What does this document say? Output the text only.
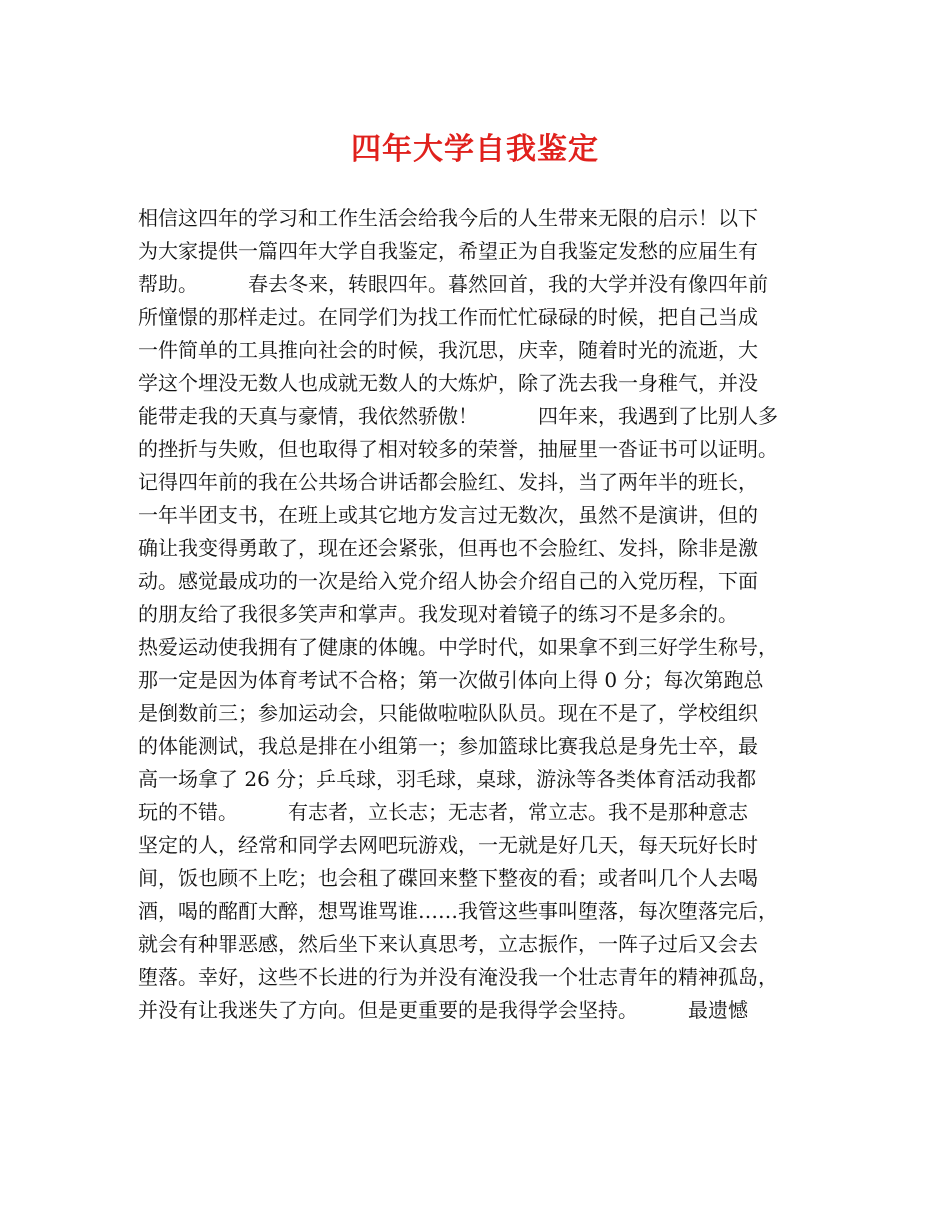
四年大学自我鉴定
相信这四年的学习和工作生活会给我今后的人生带来无限的启示！以下
为大家提供一篇四年大学自我鉴定，希望正为自我鉴定发愁的应届生有
帮助。　　　春去冬来，转眼四年。暮然回首，我的大学并没有像四年前
所憧憬的那样走过。在同学们为找工作而忙忙碌碌的时候，把自己当成
一件简单的工具推向社会的时候，我沉思，庆幸，随着时光的流逝，大
学这个埋没无数人也成就无数人的大炼炉，除了洗去我一身稚气，并没
能带走我的天真与豪情，我依然骄傲！　　　四年来，我遇到了比别人多
的挫折与失败，但也取得了相对较多的荣誉，抽屉里一沓证书可以证明。
记得四年前的我在公共场合讲话都会脸红、发抖，当了两年半的班长，
一年半团支书，在班上或其它地方发言过无数次，虽然不是演讲，但的
确让我变得勇敢了，现在还会紧张，但再也不会脸红、发抖，除非是激
动。感觉最成功的一次是给入党介绍人协会介绍自己的入党历程，下面
的朋友给了我很多笑声和掌声。我发现对着镜子的练习不是多余的。
热爱运动使我拥有了健康的体魄。中学时代，如果拿不到三好学生称号，
那一定是因为体育考试不合格；第一次做引体向上得 0 分；每次第跑总
是倒数前三；参加运动会，只能做啦啦队队员。现在不是了，学校组织
的体能测试，我总是排在小组第一；参加篮球比赛我总是身先士卒，最
高一场拿了 26 分；乒乓球，羽毛球，桌球，游泳等各类体育活动我都
玩的不错。　　　有志者，立长志；无志者，常立志。我不是那种意志
坚定的人，经常和同学去网吧玩游戏，一无就是好几天，每天玩好长时
间，饭也顾不上吃；也会租了碟回来整下整夜的看；或者叫几个人去喝
酒，喝的酩酊大醉，想骂谁骂谁……我管这些事叫堕落，每次堕落完后，
就会有种罪恶感，然后坐下来认真思考，立志振作，一阵子过后又会去
堕落。幸好，这些不长进的行为并没有淹没我一个壮志青年的精神孤岛，
并没有让我迷失了方向。但是更重要的是我得学会坚持。　　　最遗憾
